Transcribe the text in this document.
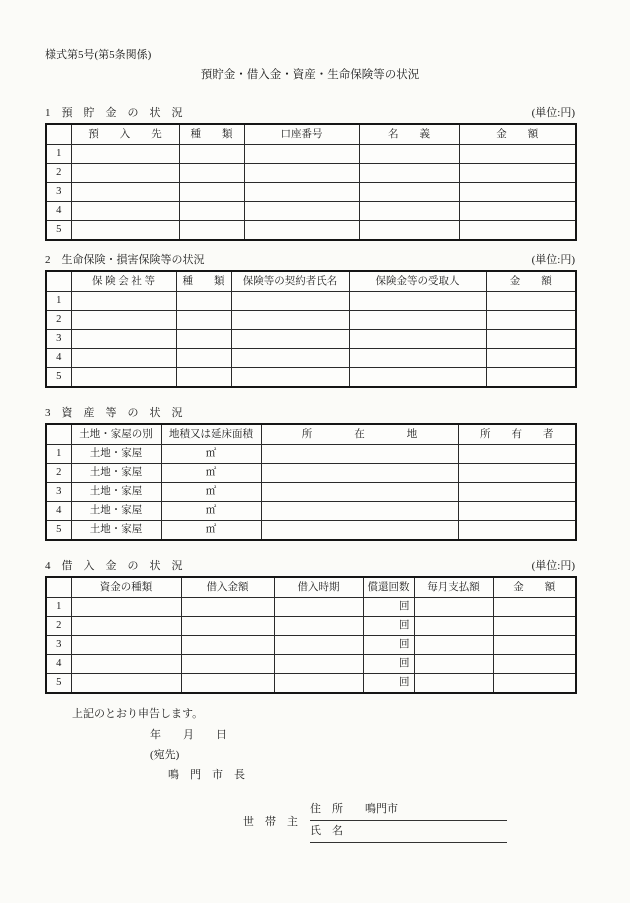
様式第5号(第5条関係)
預貯金・借入金・資産・生命保険等の状況
1　預　貯　金　の　状　況	(単位:円)
	預　　入　　先	種　　類	口座番号	名　　義	金　　額
1					
2					
3					
4					
5					
2　生命保険・損害保険等の状況	(単位:円)
	保 険 会 社 等	種　　類	保険等の契約者氏名	保険金等の受取人	金　　額
1					
2					
3					
4					
5					
3　資　産　等　の　状　況
	土地・家屋の別	地積又は延床面積	所　　　　在　　　　地	所　　有　　者
1	土地・家屋	㎡		
2	土地・家屋	㎡		
3	土地・家屋	㎡		
4	土地・家屋	㎡		
5	土地・家屋	㎡		
4　借　入　金　の　状　況	(単位:円)
	資金の種類	借入金額	借入時期	償還回数	毎月支払額	金　　額
1				回		
2				回		
3				回		
4				回		
5				回		
上記のとおり申告します。
年　　月　　日
(宛先)
鳴　門　市　長
世　帯　主
住　所　　鳴門市
氏　名
